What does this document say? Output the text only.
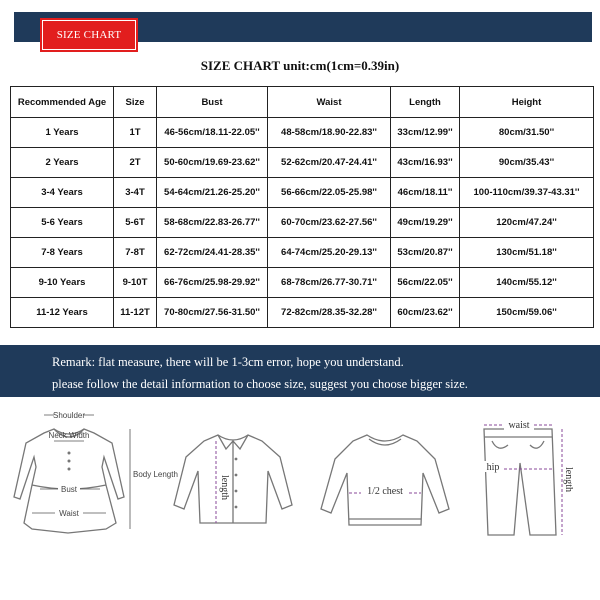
SIZE CHART
SIZE CHART unit:cm(1cm=0.39in)
Recommended Age	Size	Bust	Waist	Length	Height
1 Years	1T	46-56cm/18.11-22.05''	48-58cm/18.90-22.83''	33cm/12.99''	80cm/31.50''
2 Years	2T	50-60cm/19.69-23.62''	52-62cm/20.47-24.41''	43cm/16.93''	90cm/35.43''
3-4 Years	3-4T	54-64cm/21.26-25.20''	56-66cm/22.05-25.98''	46cm/18.11''	100-110cm/39.37-43.31''
5-6 Years	5-6T	58-68cm/22.83-26.77''	60-70cm/23.62-27.56''	49cm/19.29''	120cm/47.24''
7-8 Years	7-8T	62-72cm/24.41-28.35''	64-74cm/25.20-29.13''	53cm/20.87''	130cm/51.18''
9-10 Years	9-10T	66-76cm/25.98-29.92''	68-78cm/26.77-30.71''	56cm/22.05''	140cm/55.12''
11-12 Years	11-12T	70-80cm/27.56-31.50''	72-82cm/28.35-32.28''	60cm/23.62''	150cm/59.06''
Remark: flat measure, there will be 1-3cm error, hope you understand.
please follow the detail information to choose size, suggest you choose bigger size.
Shoulder
Neck Width
Bust
Waist
Body Length
length	1/2 chest
waist
hip	length
